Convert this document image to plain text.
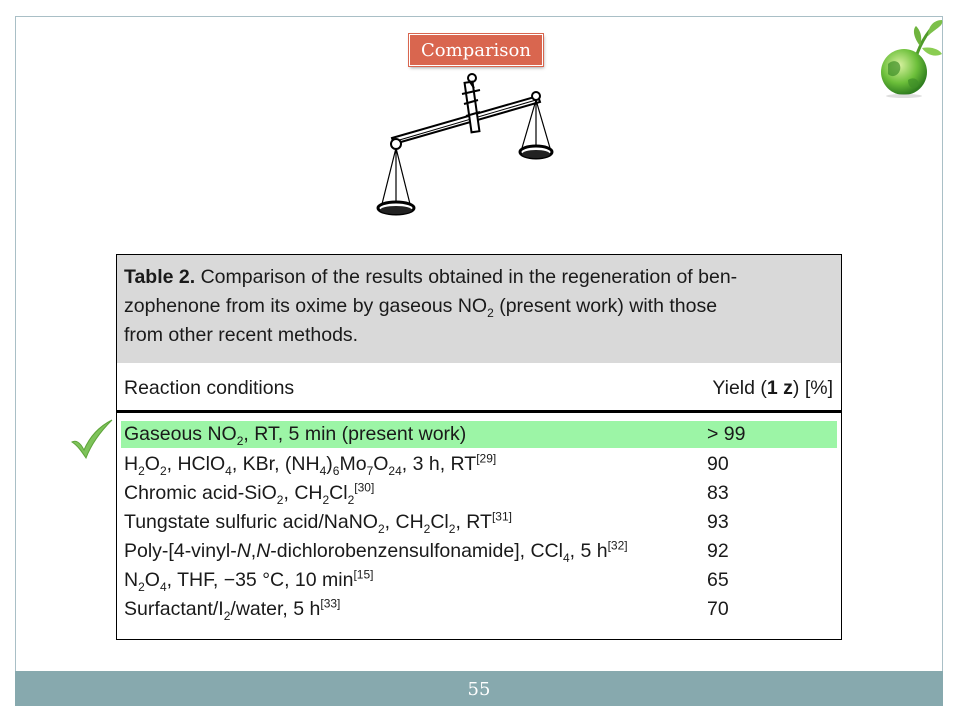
Comparison
Table 2. Comparison of the results obtained in the regeneration of ben-
zophenone from its oxime by gaseous $NO_2$ (present work) with those
from other recent methods.
Reaction conditions	Yield (1 z) [%]
Gaseous $NO_2$, RT, 5 min (present work)	> 99
$H_2O_2$, HClO$_4$, KBr, $(NH_4)_6Mo_7O_{24}$, 3 h, RT[29]	90
Chromic acid-SiO$_2$, $CH_2Cl_2[30]$	83
Tungstate sulfuric acid/NaNO$_2$, $CH_2Cl_2$, RT[31]	93
Poly-[4-vinyl-N,N-dichlorobenzensulfonamide], CCl$_4$, 5 h[32]	92
$N_2O_4$, THF, −35 °C, 10 min[15]	65
Surfactant/$I_2$/water, 5 h[33]	70
55
